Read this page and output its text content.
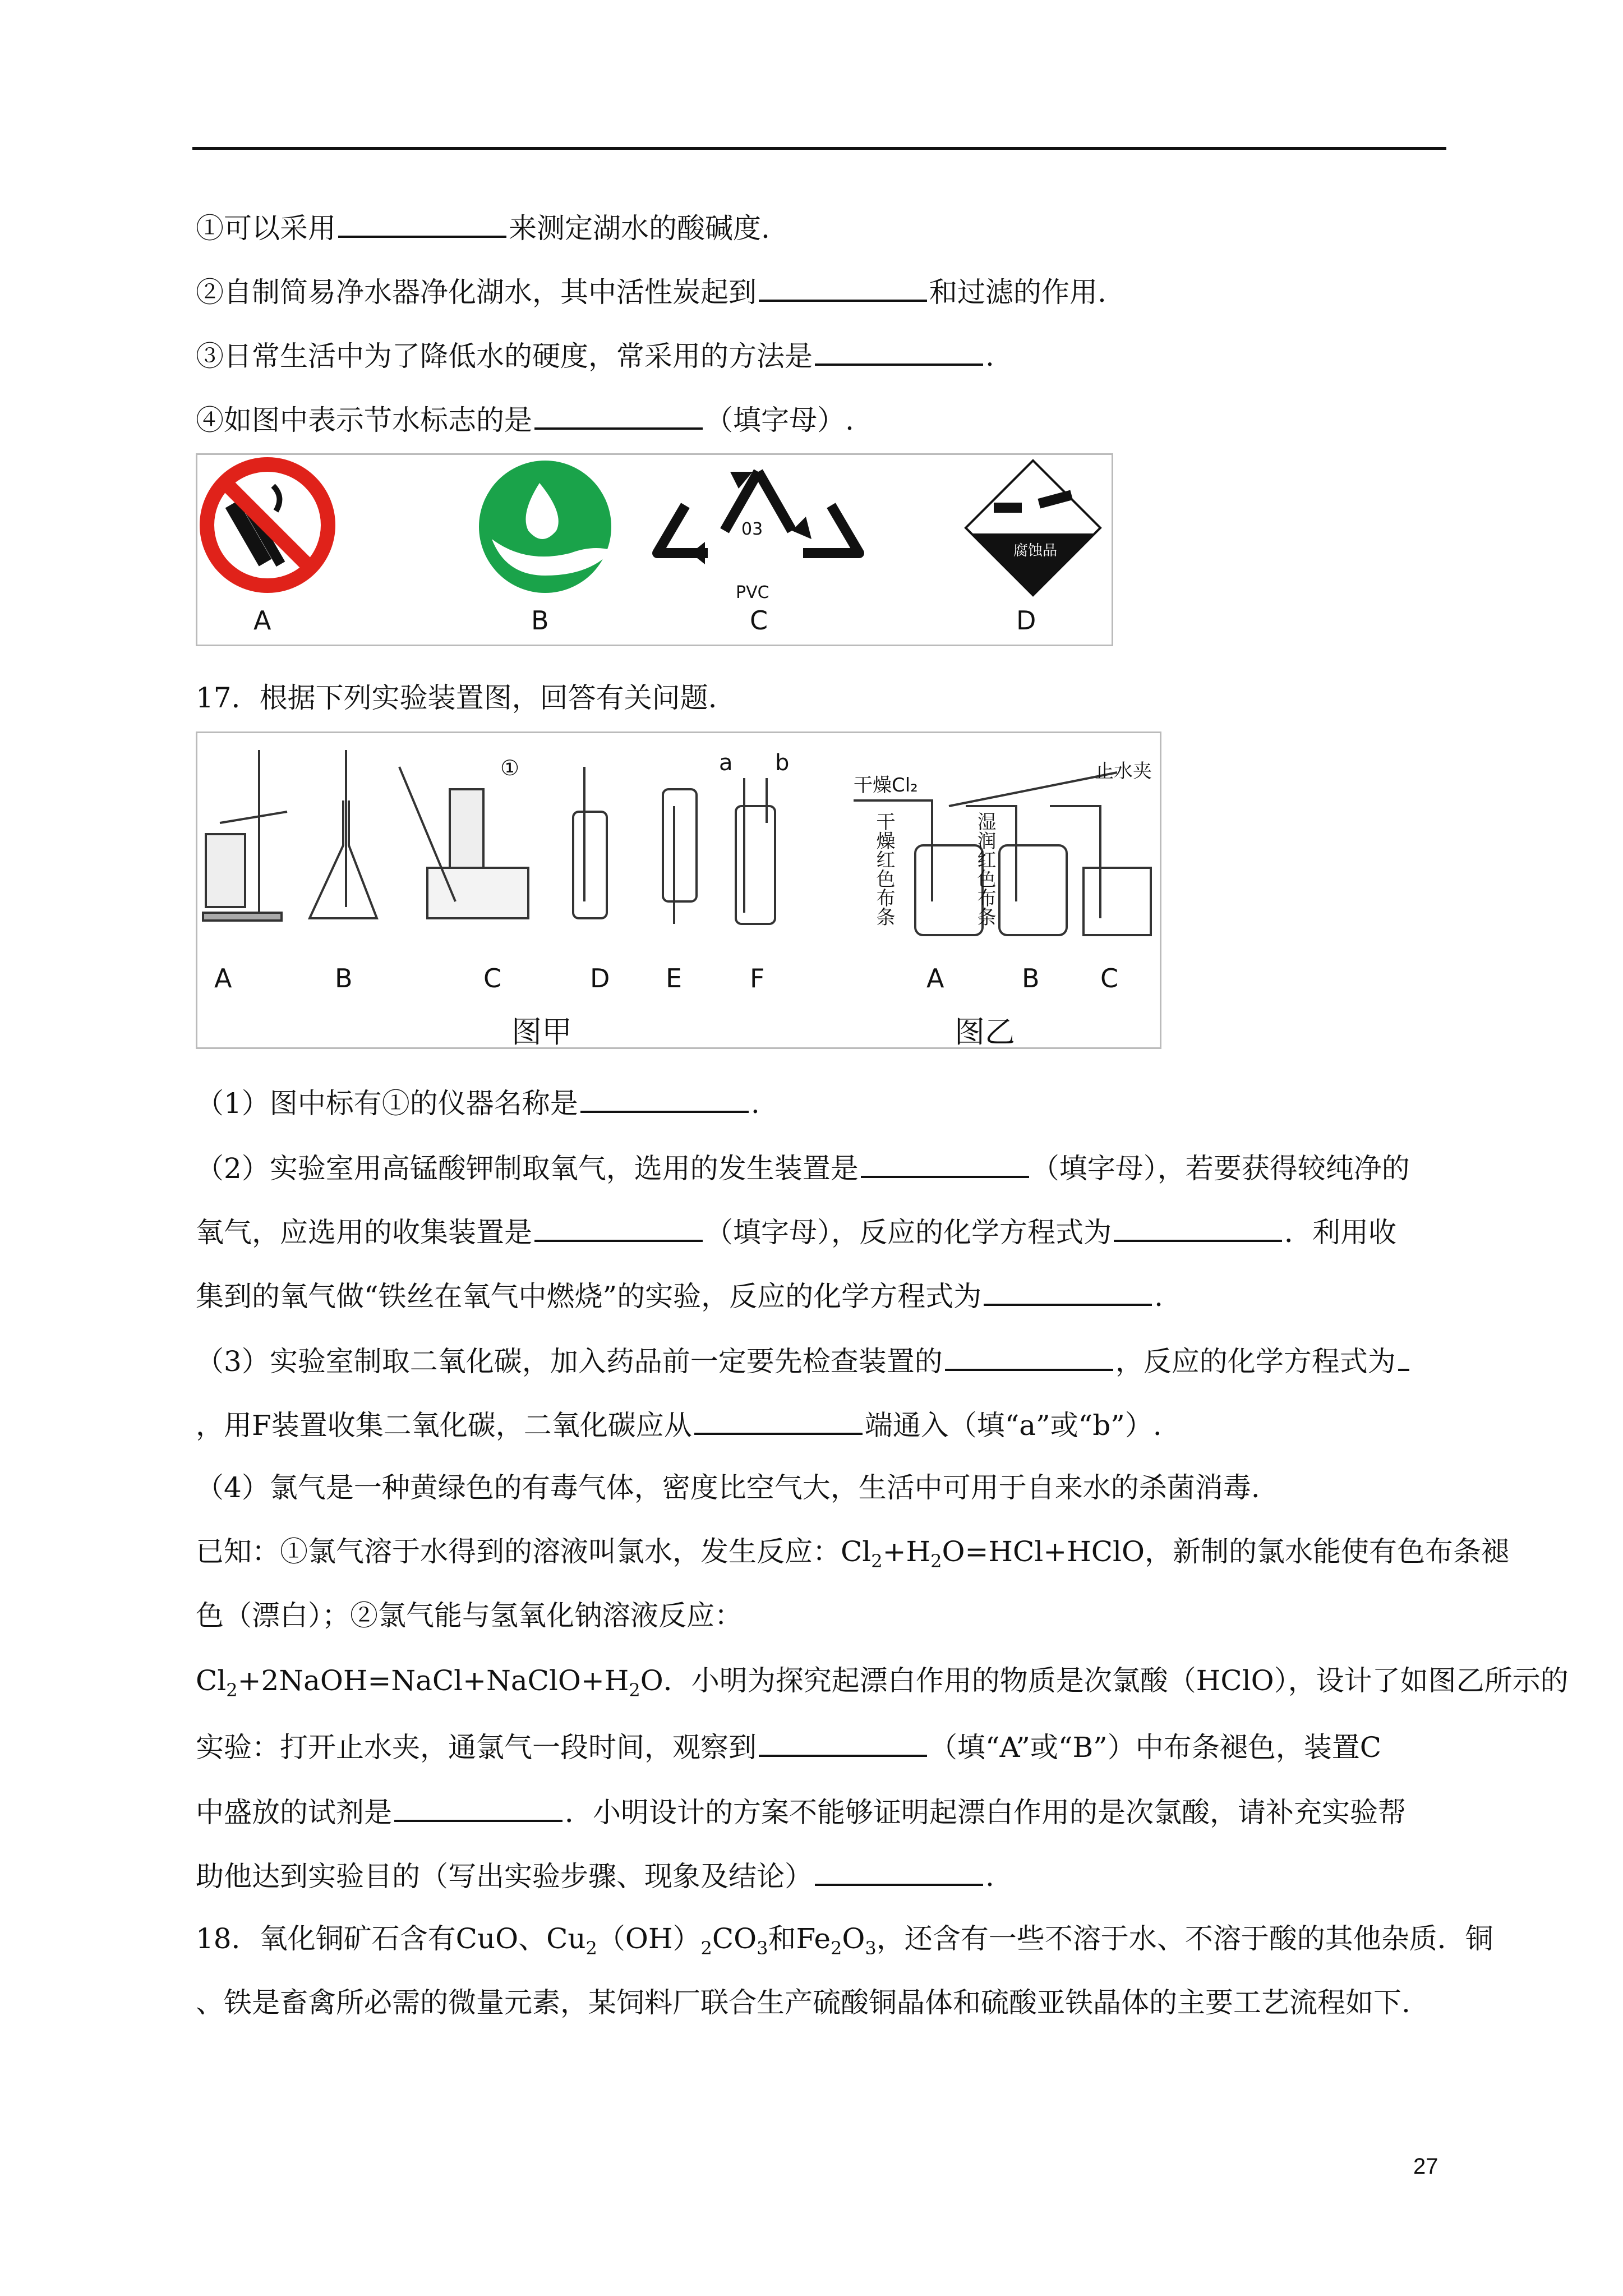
①可以采用	来测定湖水的酸碱度.
②自制简易净水器净化湖水，其中活性炭起到	和过滤的作用.
③日常生活中为了降低水的硬度，常采用的方法是	.
④如图中表示节水标志的是	（填字母）.
A	B	C	D
03
PVC
腐蚀品
17．根据下列实验装置图，回答有关问题.
A	B	C	D E	F
①	a b
图甲
A	B C
干燥Cl₂
止水夹
干燥红色布条	湿润红色布条
图乙
（1）图中标有①的仪器名称是	.
（2）实验室用高锰酸钾制取氧气，选用的发生装置是	（填字母），若要获得较纯净的
氧气，应选用的收集装置是	（填字母），反应的化学方程式为	．利用收
集到的氧气做“铁丝在氧气中燃烧”的实验，反应的化学方程式为	.
（3）实验室制取二氧化碳，加入药品前一定要先检查装置的	，反应的化学方程式为
，用F装置收集二氧化碳，二氧化碳应从	端通入（填“a”或“b”）.
（4）氯气是一种黄绿色的有毒气体，密度比空气大，生活中可用于自来水的杀菌消毒.
已知：①氯气溶于水得到的溶液叫氯水，发生反应：$Cl_2+H_2O=HCl+HClO$，新制的氯水能使有色布条褪
色（漂白）；②氯气能与氢氧化钠溶液反应：
$Cl_2+2NaOH=NaCl+NaClO+H_2O$．小明为探究起漂白作用的物质是次氯酸（HClO），设计了如图乙所示的
实验：打开止水夹，通氯气一段时间，观察到	（填“A”或“B”）中布条褪色，装置C
中盛放的试剂是	．小明设计的方案不能够证明起漂白作用的是次氯酸，请补充实验帮
助他达到实验目的（写出实验步骤、现象及结论）	.
18．氧化铜矿石含有CuO、$Cu_2(OH)_2CO_3$和$Fe_2O_3$，还含有一些不溶于水、不溶于酸的其他杂质．铜
、铁是畜禽所必需的微量元素，某饲料厂联合生产硫酸铜晶体和硫酸亚铁晶体的主要工艺流程如下.
27
